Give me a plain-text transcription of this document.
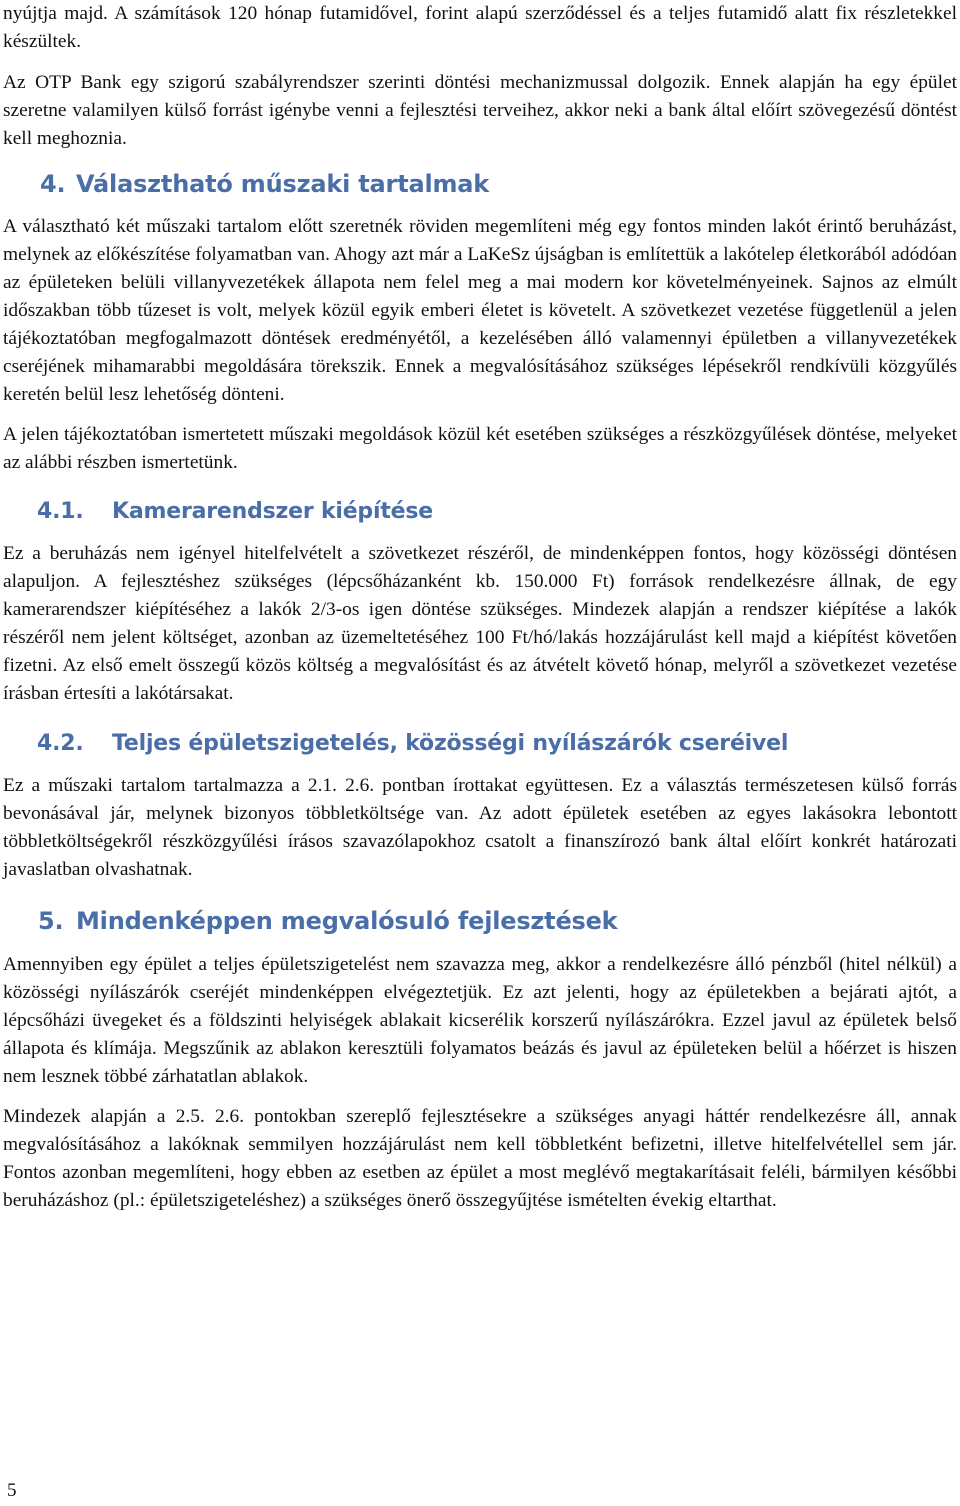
nyújtja majd. A számítások 120 hónap futamidővel, forint alapú szerződéssel és a teljes futamidő alatt fix részletekkel készültek.

Az OTP Bank egy szigorú szabályrendszer szerinti döntési mechanizmussal dolgozik. Ennek alapján ha egy épület szeretne valamilyen külső forrást igénybe venni a fejlesztési terveihez, akkor neki a bank által előírt szövegezésű döntést kell meghoznia.

4. Választható műszaki tartalmak

A választható két műszaki tartalom előtt szeretnék röviden megemlíteni még egy fontos minden lakót érintő beruházást, melynek az előkészítése folyamatban van. Ahogy azt már a LaKeSz újságban is említettük a lakótelep életkorából adódóan az épületeken belüli villanyvezetékek állapota nem felel meg a mai modern kor követelményeinek. Sajnos az elmúlt időszakban több tűzeset is volt, melyek közül egyik emberi életet is követelt. A szövetkezet vezetése függetlenül a jelen tájékoztatóban megfogalmazott döntések eredményétől, a kezelésében álló valamennyi épületben a villanyvezetékek cseréjének mihamarabbi megoldására törekszik. Ennek a megvalósításához szükséges lépésekről rendkívüli közgyűlés keretén belül lesz lehetőség dönteni.

A jelen tájékoztatóban ismertetett műszaki megoldások közül két esetében szükséges a részközgyűlések döntése, melyeket az alábbi részben ismertetünk.

4.1. Kamerarendszer kiépítése

Ez a beruházás nem igényel hitelfelvételt a szövetkezet részéről, de mindenképpen fontos, hogy közösségi döntésen alapuljon. A fejlesztéshez szükséges (lépcsőházanként kb. 150.000 Ft) források rendelkezésre állnak, de egy kamerarendszer kiépítéséhez a lakók 2/3-os igen döntése szükséges. Mindezek alapján a rendszer kiépítése a lakók részéről nem jelent költséget, azonban az üzemeltetéséhez 100 Ft/hó/lakás hozzájárulást kell majd a kiépítést követően fizetni. Az első emelt összegű közös költség a megvalósítást és az átvételt követő hónap, melyről a szövetkezet vezetése írásban értesíti a lakótársakat.

4.2. Teljes épületszigetelés, közösségi nyílászárók cseréivel

Ez a műszaki tartalom tartalmazza a 2.1. 2.6. pontban írottakat együttesen. Ez a választás természetesen külső forrás bevonásával jár, melynek bizonyos többletköltsége van. Az adott épületek esetében az egyes lakásokra lebontott többletköltségekről részközgyűlési írásos szavazólapokhoz csatolt a finanszírozó bank által előírt konkrét határozati javaslatban olvashatnak.

5. Mindenképpen megvalósuló fejlesztések

Amennyiben egy épület a teljes épületszigetelést nem szavazza meg, akkor a rendelkezésre álló pénzből (hitel nélkül) a közösségi nyílászárók cseréjét mindenképpen elvégeztetjük. Ez azt jelenti, hogy az épületekben a bejárati ajtót, a lépcsőházi üvegeket és a földszinti helyiségek ablakait kicserélik korszerű nyílászárókra. Ezzel javul az épületek belső állapota és klímája. Megszűnik az ablakon keresztüli folyamatos beázás és javul az épületeken belül a hőérzet is hiszen nem lesznek többé zárhatatlan ablakok.

Mindezek alapján a 2.5. 2.6. pontokban szereplő fejlesztésekre a szükséges anyagi háttér rendelkezésre áll, annak megvalósításához a lakóknak semmilyen hozzájárulást nem kell többletként befizetni, illetve hitelfelvétellel sem jár. Fontos azonban megemlíteni, hogy ebben az esetben az épület a most meglévő megtakarításait feléli, bármilyen későbbi beruházáshoz (pl.: épületszigeteléshez) a szükséges önerő összegyűjtése ismételten évekig eltarthat.

5
